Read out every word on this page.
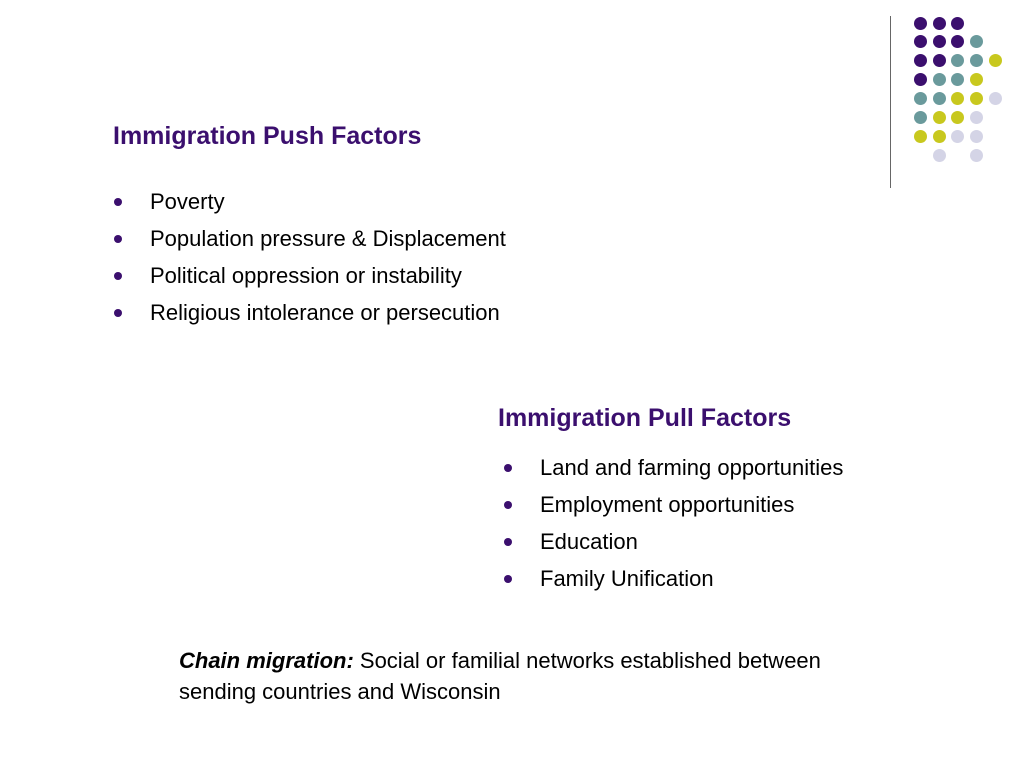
Immigration Push Factors
Poverty
Population pressure & Displacement
Political oppression or instability
Religious intolerance or persecution
Immigration Pull Factors
Land and farming opportunities
Employment opportunities
Education
Family Unification

Chain migration: Social or familial networks established between sending countries and Wisconsin
